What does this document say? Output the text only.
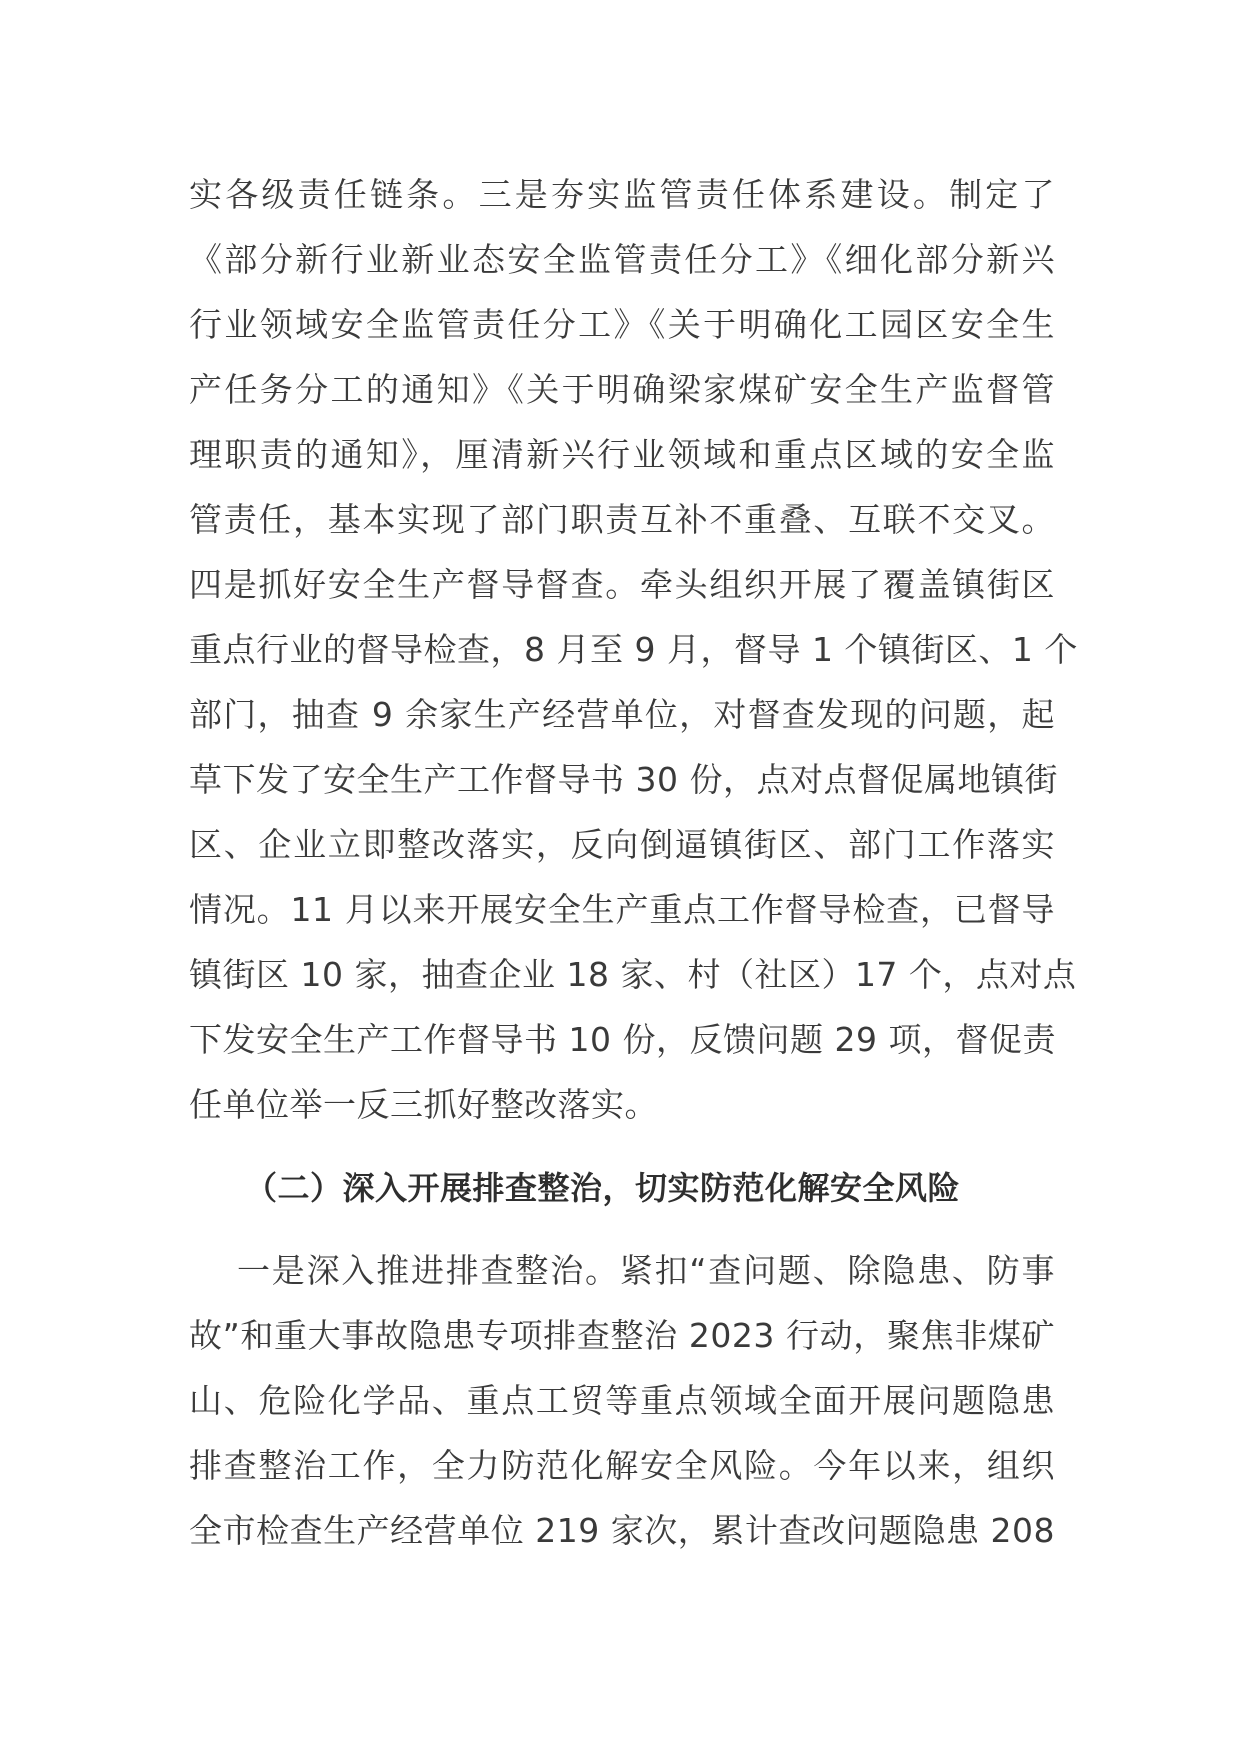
实各级责任链条。三是夯实监管责任体系建设。制定了
《部分新行业新业态安全监管责任分工》《细化部分新兴
行业领域安全监管责任分工》《关于明确化工园区安全生
产任务分工的通知》《关于明确梁家煤矿安全生产监督管
理职责的通知》，厘清新兴行业领域和重点区域的安全监
管责任，基本实现了部门职责互补不重叠、互联不交叉。
四是抓好安全生产督导督查。牵头组织开展了覆盖镇街区
重点行业的督导检查，8 月至 9 月，督导 1 个镇街区、1 个
部门，抽查 9 余家生产经营单位，对督查发现的问题，起
草下发了安全生产工作督导书 30 份，点对点督促属地镇街
区、企业立即整改落实，反向倒逼镇街区、部门工作落实
情况。11 月以来开展安全生产重点工作督导检查，已督导
镇街区 10 家，抽查企业 18 家、村（社区）17 个，点对点
下发安全生产工作督导书 10 份，反馈问题 29 项，督促责
任单位举一反三抓好整改落实。
（二）深入开展排查整治，切实防范化解安全风险
一是深入推进排查整治。紧扣“查问题、除隐患、防事
故”和重大事故隐患专项排查整治 2023 行动，聚焦非煤矿
山、危险化学品、重点工贸等重点领域全面开展问题隐患
排查整治工作，全力防范化解安全风险。今年以来，组织
全市检查生产经营单位 219 家次，累计查改问题隐患 208
